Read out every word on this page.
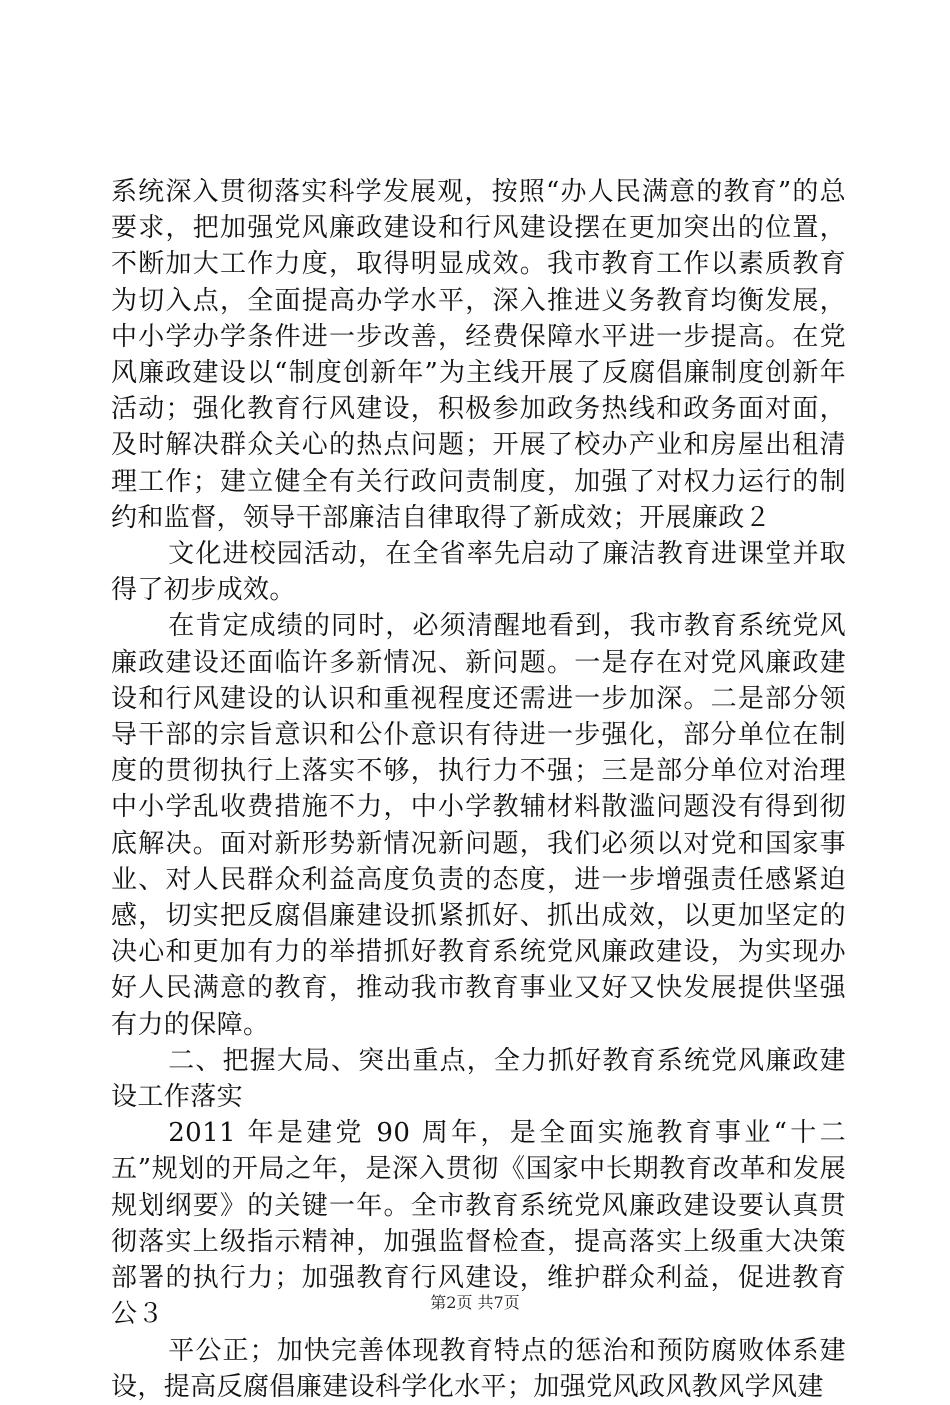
系统深入贯彻落实科学发展观，按照“办人民满意的教育”的总要求，把加强党风廉政建设和行风建设摆在更加突出的位置，不断加大工作力度，取得明显成效。我市教育工作以素质教育为切入点，全面提高办学水平，深入推进义务教育均衡发展，中小学办学条件进一步改善，经费保障水平进一步提高。在党风廉政建设以“制度创新年”为主线开展了反腐倡廉制度创新年活动；强化教育行风建设，积极参加政务热线和政务面对面，及时解决群众关心的热点问题；开展了校办产业和房屋出租清理工作；建立健全有关行政问责制度，加强了对权力运行的制约和监督，领导干部廉洁自律取得了新成效；开展廉政２

文化进校园活动，在全省率先启动了廉洁教育进课堂并取得了初步成效。

在肯定成绩的同时，必须清醒地看到，我市教育系统党风廉政建设还面临许多新情况、新问题。一是存在对党风廉政建设和行风建设的认识和重视程度还需进一步加深。二是部分领导干部的宗旨意识和公仆意识有待进一步强化，部分单位在制度的贯彻执行上落实不够，执行力不强；三是部分单位对治理中小学乱收费措施不力，中小学教辅材料散滥问题没有得到彻底解决。面对新形势新情况新问题，我们必须以对党和国家事业、对人民群众利益高度负责的态度，进一步增强责任感紧迫感，切实把反腐倡廉建设抓紧抓好、抓出成效，以更加坚定的决心和更加有力的举措抓好教育系统党风廉政建设，为实现办好人民满意的教育，推动我市教育事业又好又快发展提供坚强有力的保障。

二、把握大局、突出重点，全力抓好教育系统党风廉政建设工作落实

2011 年是建党 90 周年，是全面实施教育事业“十二五”规划的开局之年，是深入贯彻《国家中长期教育改革和发展规划纲要》的关键一年。全市教育系统党风廉政建设要认真贯彻落实上级指示精神，加强监督检查，提高落实上级重大决策部署的执行力；加强教育行风建设，维护群众利益，促进教育公３

平公正；加快完善体现教育特点的惩治和预防腐败体系建设，提高反腐倡廉建设科学化水平；加强党风政风教风学风建

第2页 共7页
